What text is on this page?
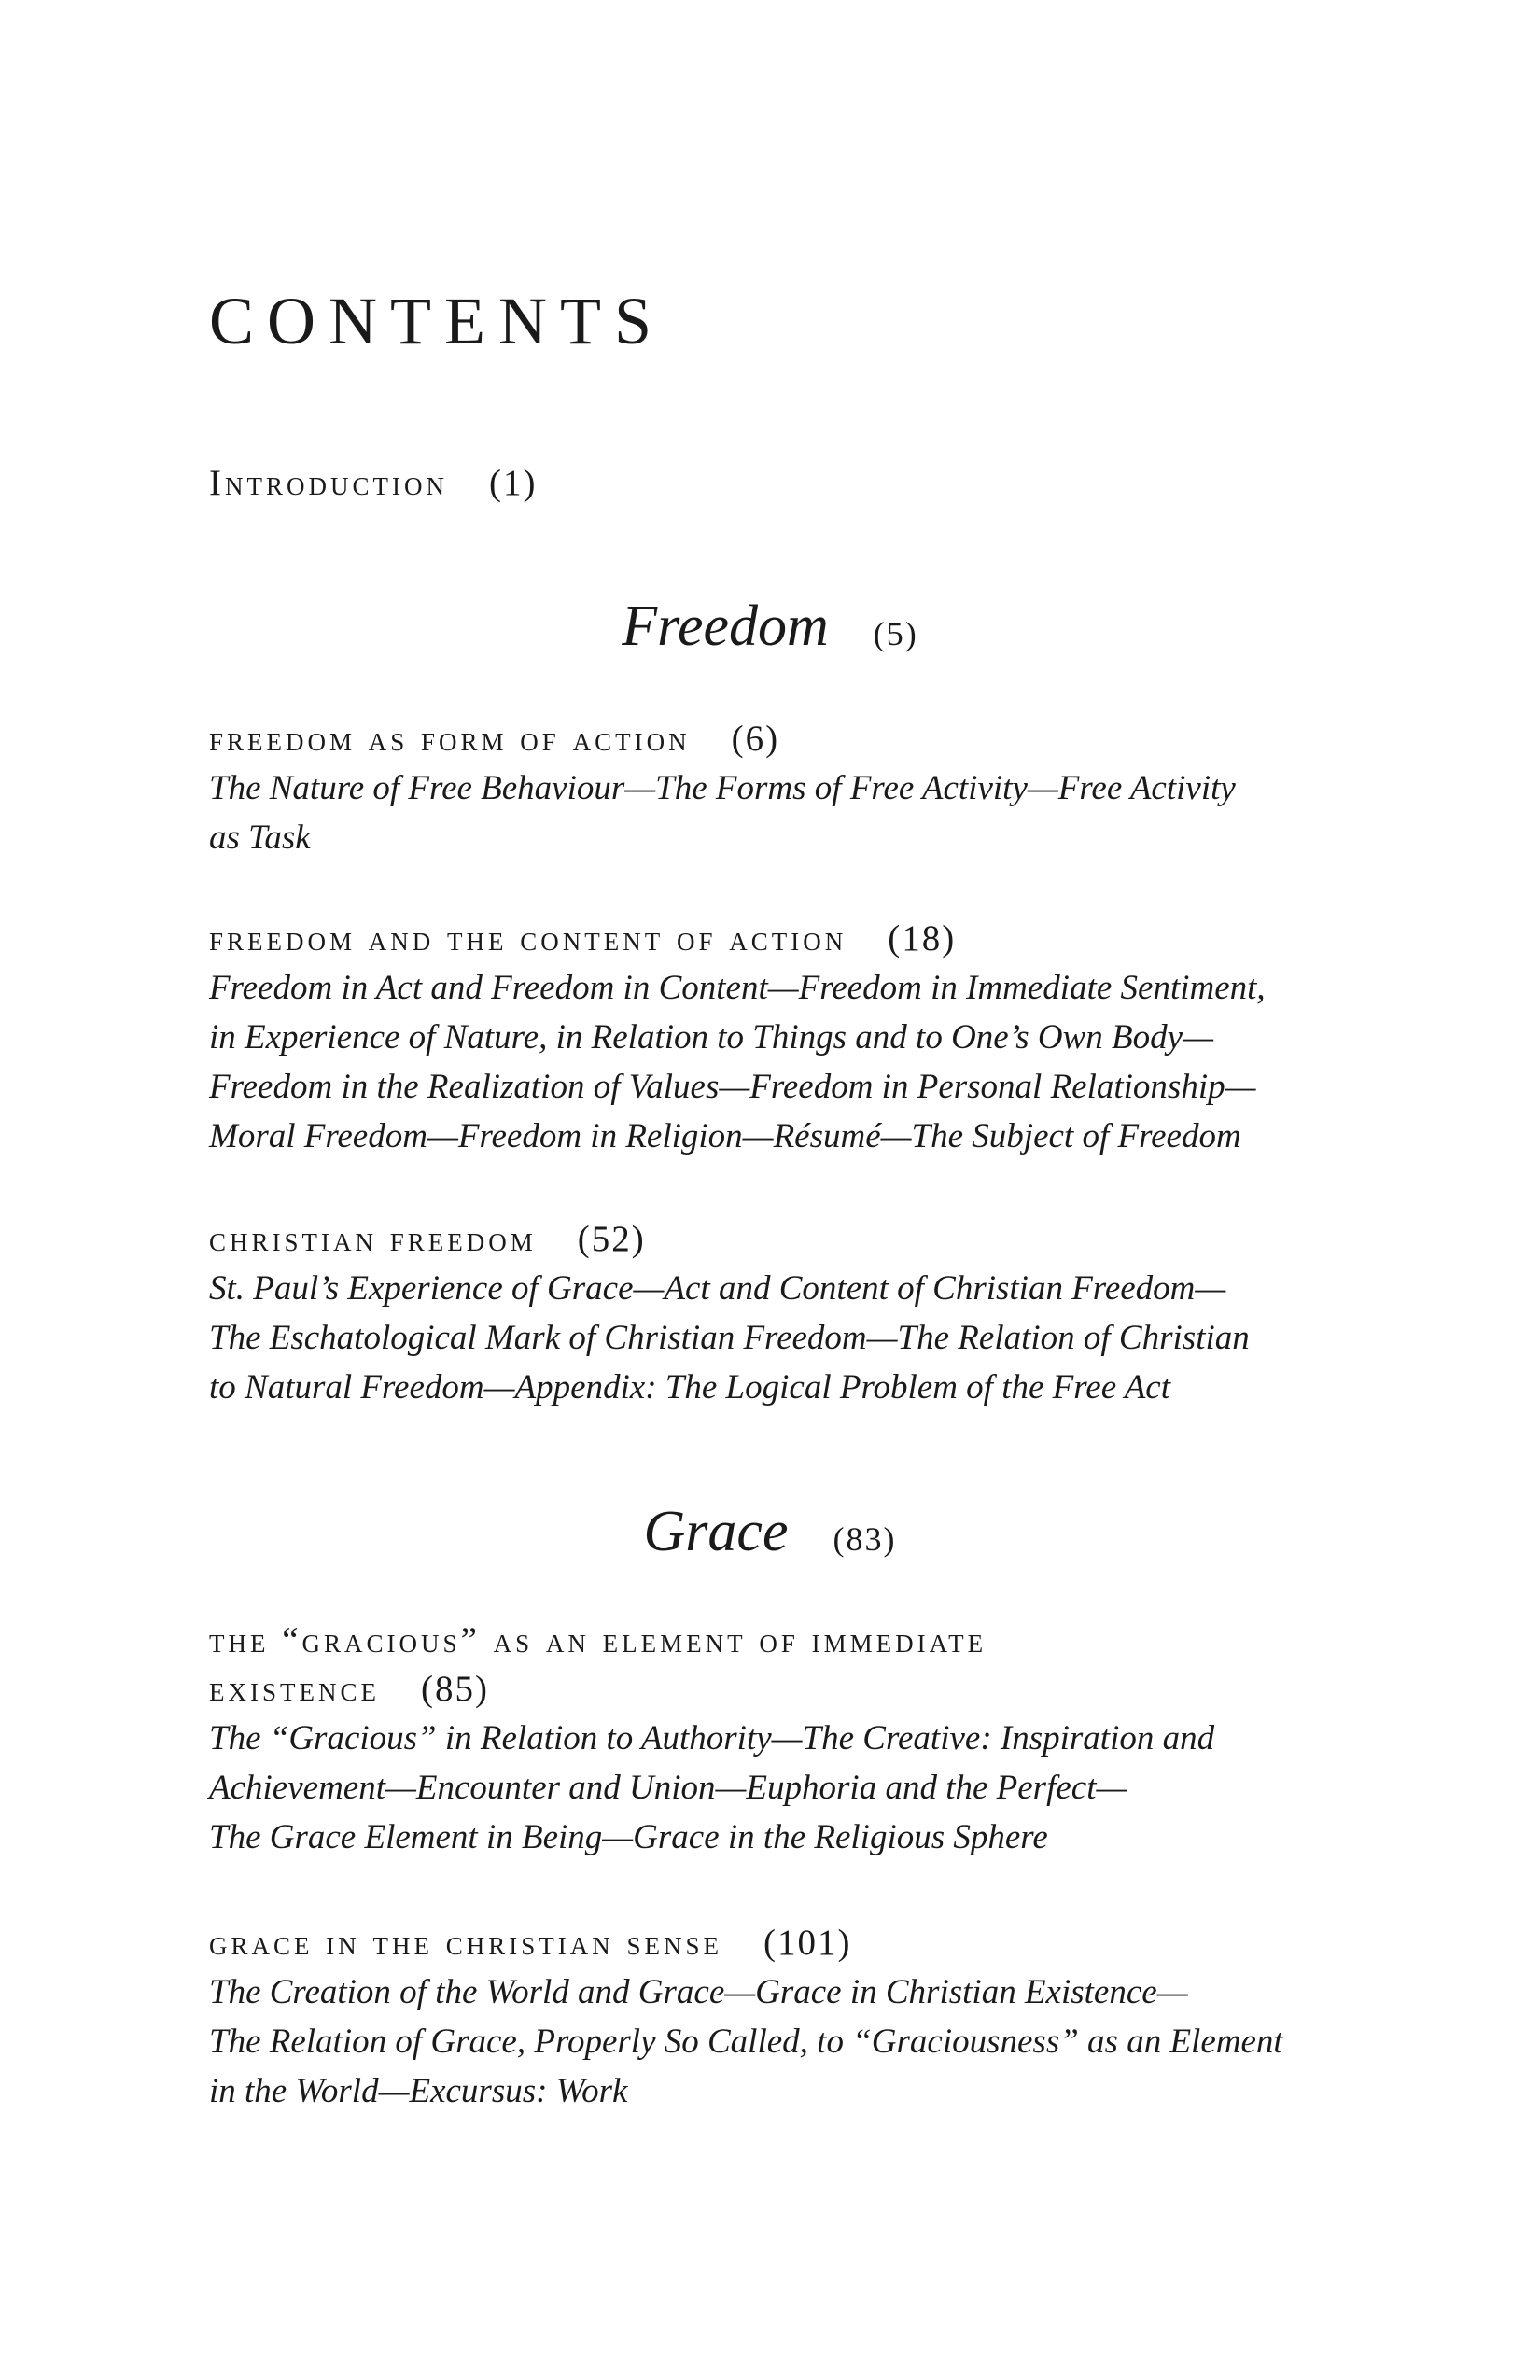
CONTENTS
Introduction (1)
Freedom (5)
freedom as form of action (6)

The Nature of Free Behaviour—The Forms of Free Activity—Free Activity
as Task

freedom and the content of action (18)

Freedom in Act and Freedom in Content—Freedom in Immediate Sentiment,
in Experience of Nature, in Relation to Things and to One’s Own Body—
Freedom in the Realization of Values—Freedom in Personal Relationship—
Moral Freedom—Freedom in Religion—Résumé—The Subject of Freedom

christian freedom (52)

St. Paul’s Experience of Grace—Act and Content of Christian Freedom—
The Eschatological Mark of Christian Freedom—The Relation of Christian
to Natural Freedom—Appendix: The Logical Problem of the Free Act

Grace (83)
the “gracious” as an element of immediate
existence (85)

The “Gracious” in Relation to Authority—The Creative: Inspiration and
Achievement—Encounter and Union—Euphoria and the Perfect—
The Grace Element in Being—Grace in the Religious Sphere

grace in the christian sense (101)

The Creation of the World and Grace—Grace in Christian Existence—
The Relation of Grace, Properly So Called, to “Graciousness” as an Element
in the World—Excursus: Work
